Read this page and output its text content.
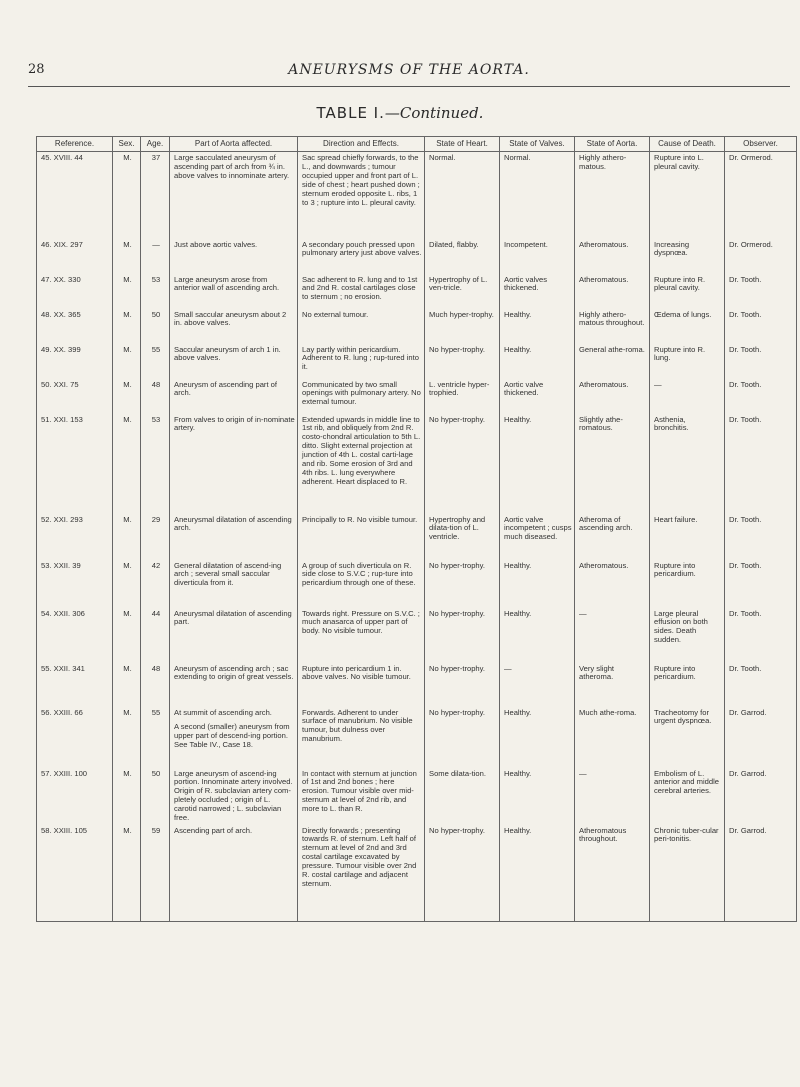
28	ANEURYSMS OF THE AORTA.
TABLE I.—Continued.
Reference.	Sex.	Age.	Part of Aorta affected.	Direction and Effects.	State of Heart.	State of Valves.	State of Aorta.	Cause of Death.	Observer.
45. XVIII. 44	M.	37	Large sacculated aneurysm of ascending part of arch from ¾ in. above valves to innominate artery.	Sac spread chiefly forwards, to the L., and downwards ; tumour occupied upper and front part of L. side of chest ; heart pushed down ; sternum eroded opposite L. ribs, 1 to 3 ; rupture into L. pleural cavity.	Normal.	Normal.	Highly athero-matous.	Rupture into L. pleural cavity.	Dr. Ormerod.
46. XIX. 297	M.	—	Just above aortic valves.	A secondary pouch pressed upon pulmonary artery just above valves.	Dilated, flabby.	Incompetent.	Atheromatous.	Increasing dyspnœa.	Dr. Ormerod.
47. XX. 330	M.	53	Large aneurysm arose from anterior wall of ascending arch.	Sac adherent to R. lung and to 1st and 2nd R. costal cartilages close to sternum ; no erosion.	Hypertrophy of L. ven-tricle.	Aortic valves thickened.	Atheromatous.	Rupture into R. pleural cavity.	Dr. Tooth.
48. XX. 365	M.	50	Small saccular aneurysm about 2 in. above valves.	No external tumour.	Much hyper-trophy.	Healthy.	Highly athero-matous throughout.	Œdema of lungs.	Dr. Tooth.
49. XX. 399	M.	55	Saccular aneurysm of arch 1 in. above valves.	Lay partly within pericardium. Adherent to R. lung ; rup-tured into it.	No hyper-trophy.	Healthy.	General athe-roma.	Rupture into R. lung.	Dr. Tooth.
50. XXI. 75	M.	48	Aneurysm of ascending part of arch.	Communicated by two small openings with pulmonary artery. No external tumour.	L. ventricle hyper-trophied.	Aortic valve thickened.	Atheromatous.	—	Dr. Tooth.
51. XXI. 153	M.	53	From valves to origin of in-nominate artery.	Extended upwards in middle line to 1st rib, and obliquely from 2nd R. costo-chondral articulation to 5th L. ditto. Slight external projection at junction of 4th L. costal carti-lage and rib. Some erosion of 3rd and 4th ribs. L. lung everywhere adherent. Heart displaced to R.	No hyper-trophy.	Healthy.	Slightly athe-romatous.	Asthenia, bronchitis.	Dr. Tooth.
52. XXI. 293	M.	29	Aneurysmal dilatation of ascending arch.	Principally to R. No visible tumour.	Hypertrophy and dilata-tion of L. ventricle.	Aortic valve incompetent ; cusps much diseased.	Atheroma of ascending arch.	Heart failure.	Dr. Tooth.
53. XXII. 39	M.	42	General dilatation of ascend-ing arch ; several small saccular diverticula from it.	A group of such diverticula on R. side close to S.V.C ; rup-ture into pericardium through one of these.	No hyper-trophy.	Healthy.	Atheromatous.	Rupture into pericardium.	Dr. Tooth.
54. XXII. 306	M.	44	Aneurysmal dilatation of ascending part.	Towards right. Pressure on S.V.C. ; much anasarca of upper part of body. No visible tumour.	No hyper-trophy.	Healthy.	—	Large pleural effusion on both sides. Death sudden.	Dr. Tooth.
55. XXII. 341	M.	48	Aneurysm of ascending arch ; sac extending to origin of great vessels.	Rupture into pericardium 1 in. above valves. No visible tumour.	No hyper-trophy.	—	Very slight atheroma.	Rupture into pericardium.	Dr. Tooth.
56. XXIII. 66	M.	55	At summit of ascending arch.
A second (smaller) aneurysm from upper part of descend-ing portion. See Table IV., Case 18.	Forwards. Adherent to under surface of manubrium. No visible tumour, but dulness over manubrium.	No hyper-trophy.	Healthy.	Much athe-roma.	Tracheotomy for urgent dyspnœa.	Dr. Garrod.
57. XXIII. 100	M.	50	Large aneurysm of ascend-ing portion. Innominate artery involved. Origin of R. subclavian artery com-pletely occluded ; origin of L. carotid narrowed ; L. subclavian free.	In contact with sternum at junction of 1st and 2nd bones ; here erosion. Tumour visible over mid-sternum at level of 2nd rib, and more to L. than R.	Some dilata-tion.	Healthy.	—	Embolism of L. anterior and middle cerebral arteries.	Dr. Garrod.
58. XXIII. 105	M.	59	Ascending part of arch.	Directly forwards ; presenting towards R. of sternum. Left half of sternum at level of 2nd and 3rd costal cartilage excavated by pressure. Tumour visible over 2nd R. costal cartilage and adjacent sternum.	No hyper-trophy.	Healthy.	Atheromatous throughout.	Chronic tuber-cular peri-tonitis.	Dr. Garrod.
